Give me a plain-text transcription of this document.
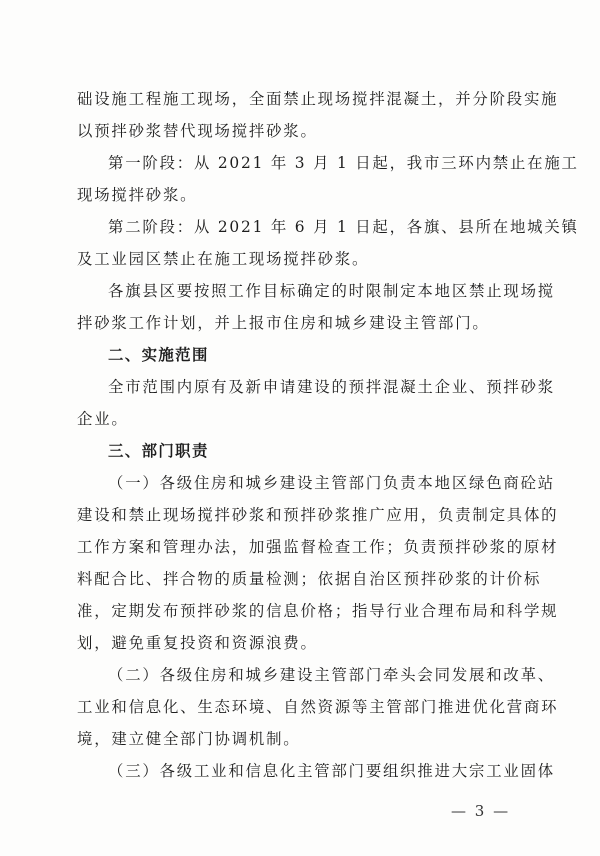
础设施工程施工现场，全面禁止现场搅拌混凝土，并分阶段实施
以预拌砂浆替代现场搅拌砂浆。
第一阶段：从 2021 年 3 月 1 日起，我市三环内禁止在施工
现场搅拌砂浆。
第二阶段：从 2021 年 6 月 1 日起，各旗、县所在地城关镇
及工业园区禁止在施工现场搅拌砂浆。
各旗县区要按照工作目标确定的时限制定本地区禁止现场搅
拌砂浆工作计划，并上报市住房和城乡建设主管部门。
二、实施范围
全市范围内原有及新申请建设的预拌混凝土企业、预拌砂浆
企业。
三、部门职责
（一）各级住房和城乡建设主管部门负责本地区绿色商砼站
建设和禁止现场搅拌砂浆和预拌砂浆推广应用，负责制定具体的
工作方案和管理办法，加强监督检查工作；负责预拌砂浆的原材
料配合比、拌合物的质量检测；依据自治区预拌砂浆的计价标
准，定期发布预拌砂浆的信息价格；指导行业合理布局和科学规
划，避免重复投资和资源浪费。
（二）各级住房和城乡建设主管部门牵头会同发展和改革、
工业和信息化、生态环境、自然资源等主管部门推进优化营商环
境，建立健全部门协调机制。
（三）各级工业和信息化主管部门要组织推进大宗工业固体
— 3 —
